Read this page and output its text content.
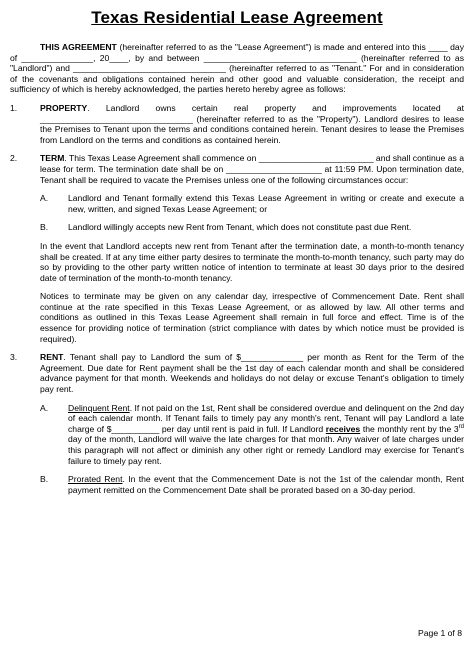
Texas Residential Lease Agreement
THIS AGREEMENT (hereinafter referred to as the "Lease Agreement") is made and entered into this ____ day of _______________, 20____, by and between ________________________________ (hereinafter referred to as "Landlord") and ________________________________ (hereinafter referred to as "Tenant." For and in consideration of the covenants and obligations contained herein and other good and valuable consideration, the receipt and sufficiency of which is hereby acknowledged, the parties hereto hereby agree as follows:
1.	PROPERTY. Landlord owns certain real property and improvements located at ________________________________ (hereinafter referred to as the "Property"). Landlord desires to lease the Premises to Tenant upon the terms and conditions contained herein. Tenant desires to lease the Premises from Landlord on the terms and conditions as contained herein.
2.	TERM. This Texas Lease Agreement shall commence on ________________________ and shall continue as a lease for term. The termination date shall be on ____________________ at 11:59 PM. Upon termination date, Tenant shall be required to vacate the Premises unless one of the following circumstances occur:
A.	Landlord and Tenant formally extend this Texas Lease Agreement in writing or create and execute a new, written, and signed Texas Lease Agreement; or
B.	Landlord willingly accepts new Rent from Tenant, which does not constitute past due Rent.
In the event that Landlord accepts new rent from Tenant after the termination date, a month-to-month tenancy shall be created. If at any time either party desires to terminate the month-to-month tenancy, such party may do so by providing to the other party written notice of intention to terminate at least 30 days prior to the desired date of termination of the month-to-month tenancy.
Notices to terminate may be given on any calendar day, irrespective of Commencement Date. Rent shall continue at the rate specified in this Texas Lease Agreement, or as allowed by law. All other terms and conditions as outlined in this Texas Lease Agreement shall remain in full force and effect. Time is of the essence for providing notice of termination (strict compliance with dates by which notice must be provided is required).
3.	RENT. Tenant shall pay to Landlord the sum of $_____________ per month as Rent for the Term of the Agreement. Due date for Rent payment shall be the 1st day of each calendar month and shall be considered advance payment for that month. Weekends and holidays do not delay or excuse Tenant's obligation to timely pay rent.
A.	Delinquent Rent. If not paid on the 1st, Rent shall be considered overdue and delinquent on the 2nd day of each calendar month. If Tenant fails to timely pay any month's rent, Tenant will pay Landlord a late charge of $__________ per day until rent is paid in full. If Landlord receives the monthly rent by the 3rd day of the month, Landlord will waive the late charges for that month. Any waiver of late charges under this paragraph will not affect or diminish any other right or remedy Landlord may exercise for Tenant's failure to timely pay rent.
B.	Prorated Rent. In the event that the Commencement Date is not the 1st of the calendar month, Rent payment remitted on the Commencement Date shall be prorated based on a 30-day period.
Page 1 of 8
